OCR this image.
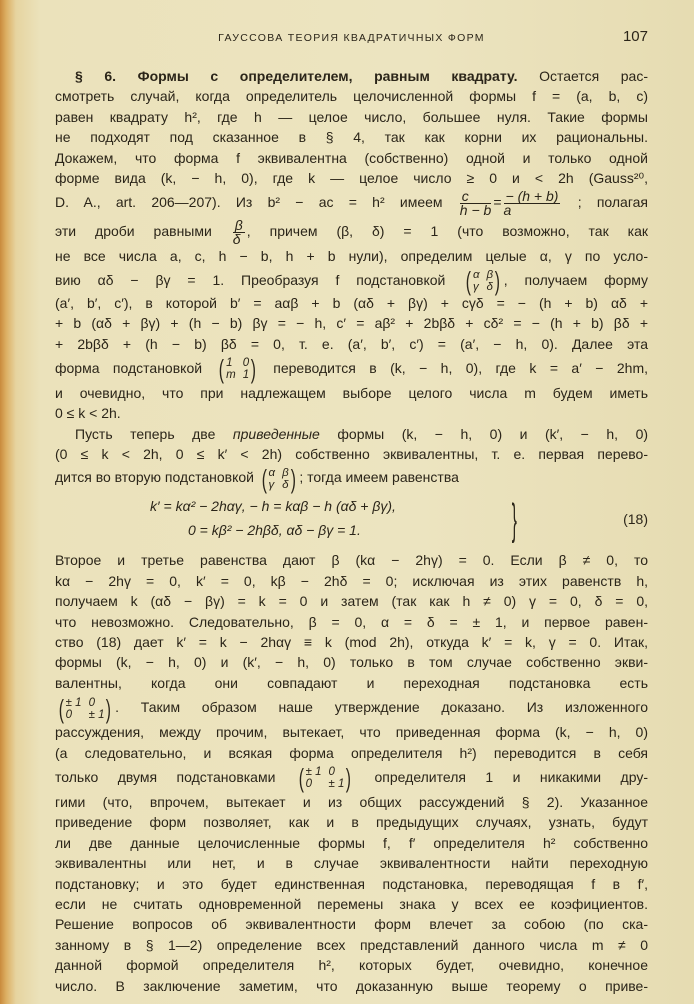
ГАУССОВА ТЕОРИЯ КВАДРАТИЧНЫХ ФОРМ	107
§ 6. Формы с определителем, равным квадрату. Остается рас-
смотреть случай, когда определитель целочисленной формы f = (a, b, c)
равен квадрату h², где h — целое число, большее нуля. Такие формы
не подходят под сказанное в § 4, так как корни их рациональны.
Докажем, что форма f эквивалентна (собственно) одной и только одной
форме вида (k, − h, 0), где k — целое число ≥ 0 и < 2h (Gauss²⁰,
D. A., art. 206—207). Из b² − ac = h² имеем $\frac{c}{h - b} = \frac{- (h + b)}{a}$ ; полагая
эти дроби равными $\frac{\beta}{\delta}$ , причем (β, δ) = 1 (что возможно, так как
не все числа a, c, h − b, h + b нули), определим целые α, γ по усло-
вию αδ − βγ = 1. Преобразуя f подстановкой ( α β
γ δ ) , получаем форму
(a′, b′, c′), в которой b′ = aαβ + b (αδ + βγ) + cγδ = − (h + b) αδ +
+ b (αδ + βγ) + (h − b) βγ = − h, c′ = aβ² + 2bβδ + cδ² = − (h + b) βδ +
+ 2bβδ + (h − b) βδ = 0, т. е. (a′, b′, c′) = (a′, − h, 0). Далее эта
форма подстановкой ( 1 0
m 1 ) переводится в (k, − h, 0), где k = a′ − 2hm,
и очевидно, что при надлежащем выборе целого числа m будем иметь
0 ≤ k < 2h.
Пусть теперь две приведенные формы (k, − h, 0) и (k′, − h, 0)
(0 ≤ k < 2h, 0 ≤ k′ < 2h) собственно эквивалентны, т. е. первая перево-
дится во вторую подстановкой ( α β
γ δ ) ; тогда имеем равенства
k′ = kα² − 2hαγ, − h = kαβ − h (αδ + βγ),
0 = kβ² − 2hβδ, αδ − βγ = 1.	}	(18)
Второе и третье равенства дают β (kα − 2hγ) = 0. Если β ≠ 0, то
kα − 2hγ = 0, k′ = 0, kβ − 2hδ = 0; исключая из этих равенств h,
получаем k (αδ − βγ) = k = 0 и затем (так как h ≠ 0) γ = 0, δ = 0,
что невозможно. Следовательно, β = 0, α = δ = ± 1, и первое равен-
ство (18) дает k′ = k − 2hαγ ≡ k (mod 2h), откуда k′ = k, γ = 0. Итак,
формы (k, − h, 0) и (k′, − h, 0) только в том случае собственно экви-
валентны, когда они совпадают и переходная подстановка есть
( ± 1 0
0	± 1 ) . Таким образом наше утверждение доказано. Из изложенного
рассуждения, между прочим, вытекает, что приведенная форма (k, − h, 0)
(а следовательно, и всякая форма определителя h²) переводится в себя
только двумя подстановками ( ± 1 0
0	± 1 ) определителя 1 и никакими дру-
гими (что, впрочем, вытекает и из общих рассуждений § 2). Указанное
приведение форм позволяет, как и в предыдущих случаях, узнать, будут
ли две данные целочисленные формы f, f′ определителя h² собственно
эквивалентны или нет, и в случае эквивалентности найти переходную
подстановку; и это будет единственная подстановка, переводящая f в f′,
если не считать одновременной перемены знака у всех ее коэфициентов.
Решение вопросов об эквивалентности форм влечет за собою (по ска-
занному в § 1—2) определение всех представлений данного числа m ≠ 0
данной формой определителя h², которых будет, очевидно, конечное
число. В заключение заметим, что доказанную выше теорему о приве-
